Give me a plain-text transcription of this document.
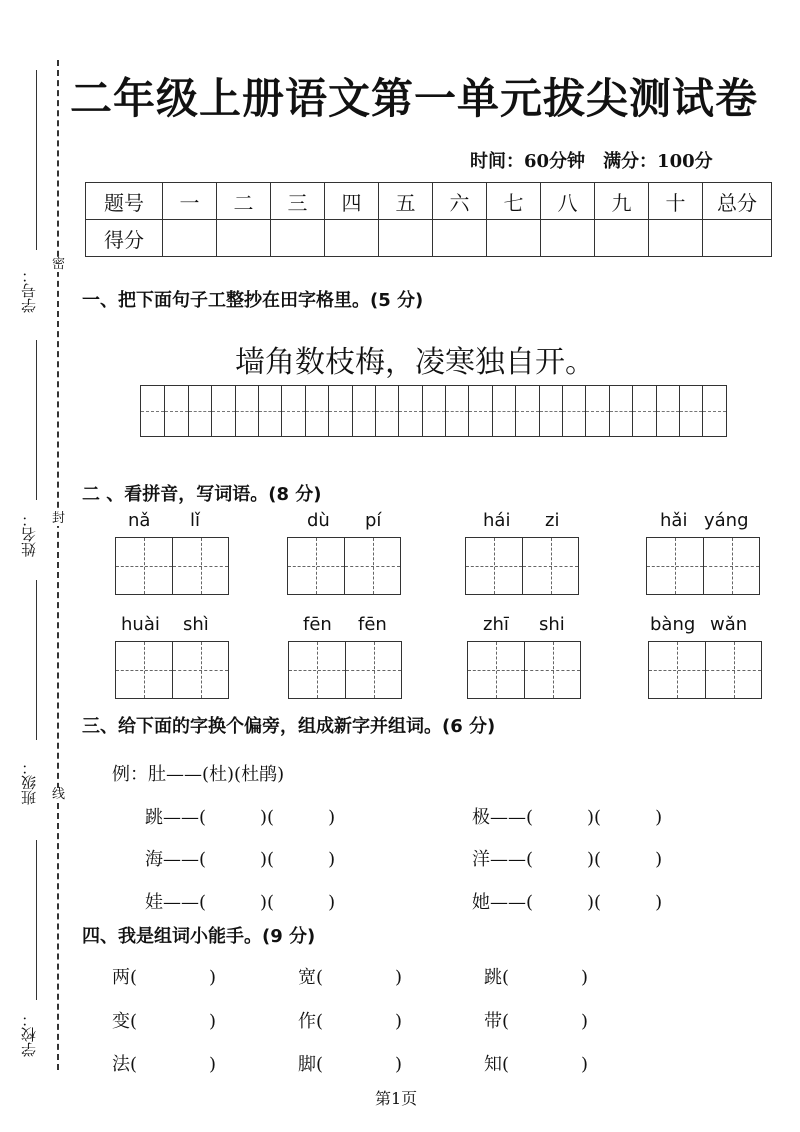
学号：
姓名：
班级：
学校：
密
封
线
二年级上册语文第一单元拔尖测试卷
时间：60分钟 满分：100分
题号	一	二	三	四	五	六	七	八	九	十	总分
得分											
一、把下面句子工整抄在田字格里。(5 分)
墙角数枝梅，凌寒独自开。
二 、看拼音，写词语。(8 分)
nǎ lǐ	dù pí	hái zi	hǎi yáng
huài shì	fēn fēn	zhī shi	bàng wǎn
三、给下面的字换个偏旁，组成新字并组词。(6 分)
例：肚——(杜)(杜鹃)
跳——(　　　)(　　　)	极——(　　　)(　　　)
海——(　　　)(　　　)	洋——(　　　)(　　　)
娃——(　　　)(　　　)	她——(　　　)(　　　)
四、我是组词小能手。(9 分)
两(　　　　)	宽(　　　　)	跳(　　　　)
变(　　　　)	作(　　　　)	带(　　　　)
法(　　　　)	脚(　　　　)	知(　　　　)
第1页
